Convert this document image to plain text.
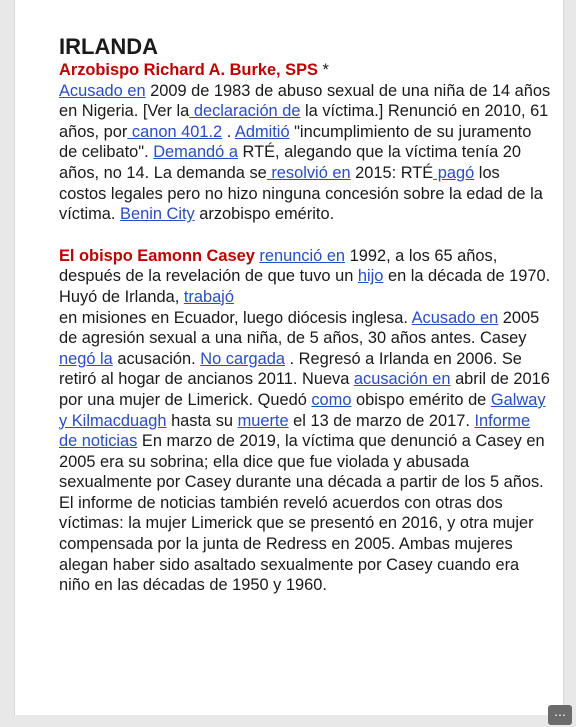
IRLANDA

Arzobispo Richard A. Burke, SPS *
Acusado en 2009 de 1983 de abuso sexual de una niña de 14 años en Nigeria. [Ver la declaración de la víctima.] Renunció en 2010, 61 años, por canon 401.2 . Admitió "incumplimiento de su juramento de celibato". Demandó a RTÉ, alegando que la víctima tenía 20 años, no 14. La demanda se resolvió en 2015: RTÉ pagó los costos legales pero no hizo ninguna concesión sobre la edad de la víctima. Benin City arzobispo emérito.

El obispo Eamonn Casey renunció en 1992, a los 65 años, después de la revelación de que tuvo un hijo en la década de 1970. Huyó de Irlanda, trabajó
en misiones en Ecuador, luego diócesis inglesa. Acusado en 2005 de agresión sexual a una niña, de 5 años, 30 años antes. Casey negó la acusación. No cargada . Regresó a Irlanda en 2006. Se retiró al hogar de ancianos 2011. Nueva acusación en abril de 2016 por una mujer de Limerick. Quedó como obispo emérito de Galway y Kilmacduagh hasta su muerte el 13 de marzo de 2017. Informe de noticias En marzo de 2019, la víctima que denunció a Casey en 2005 era su sobrina; ella dice que fue violada y abusada sexualmente por Casey durante una década a partir de los 5 años. El informe de noticias también reveló acuerdos con otras dos víctimas: la mujer Limerick que se presentó en 2016, y otra mujer compensada por la junta de Redress en 2005. Ambas mujeres alegan haber sido asaltado sexualmente por Casey cuando era niño en las décadas de 1950 y 1960.

⋯
